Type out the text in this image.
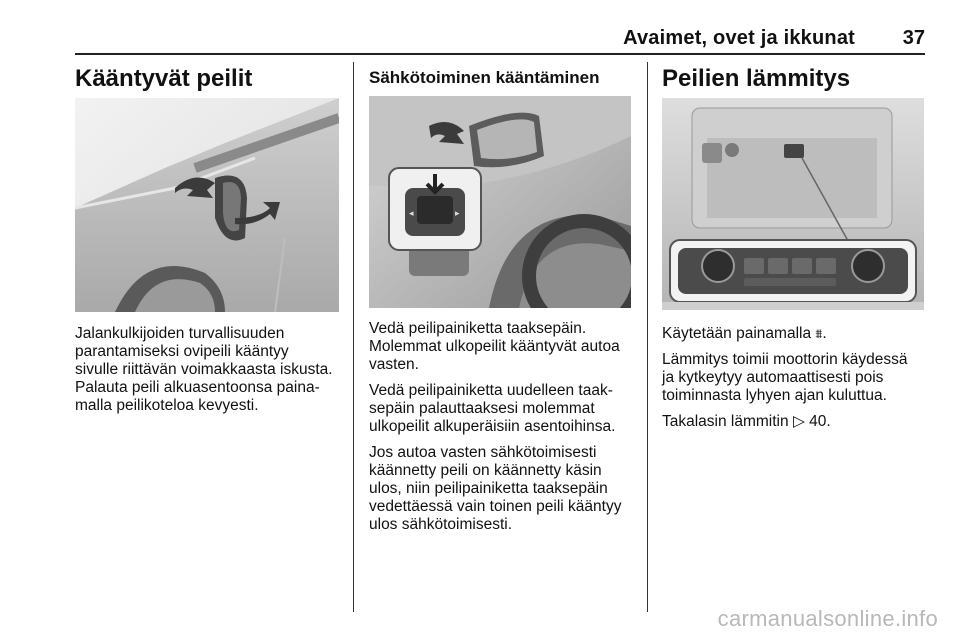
Avaimet, ovet ja ikkunat	37
Kääntyvät peilit
Jalankulkijoiden turvallisuuden
parantamiseksi ovipeili kääntyy
sivulle riittävän voimakkaasta iskusta.
Palauta peili alkuasentoonsa paina-
malla peilikoteloa kevyesti.
Sähkötoiminen kääntäminen
◂	▸

Vedä peilipainiketta taaksepäin.
Molemmat ulkopeilit kääntyvät autoa
vasten.

Vedä peilipainiketta uudelleen taak-
sepäin palauttaaksesi molemmat
ulkopeilit alkuperäisiin asentoihinsa.

Jos autoa vasten sähkötoimisesti
käännetty peili on käännetty käsin
ulos, niin peilipainiketta taaksepäin
vedettäessä vain toinen peili kääntyy
ulos sähkötoimisesti.

Peilien lämmitys

Käytetään painamalla ⩩.

Lämmitys toimii moottorin käydessä
ja kytkeytyy automaattisesti pois
toiminnasta lyhyen ajan kuluttua.

Takalasin lämmitin ▷ 40.

carmanualsonline.info
